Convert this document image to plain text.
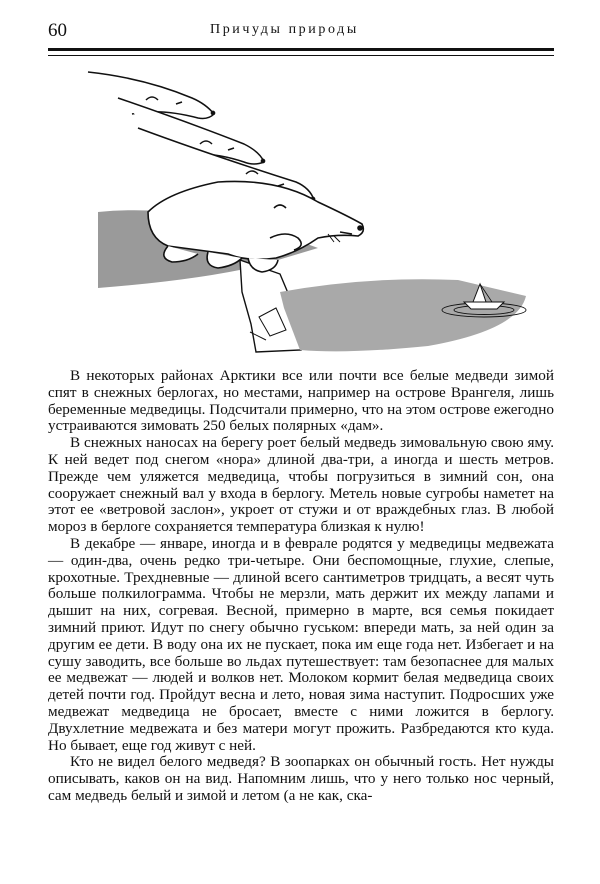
60	Причуды природы

В некоторых районах Арктики все или почти все белые медведи зимой спят в снежных берлогах, но местами, например на острове Врангеля, лишь беременные медведицы. Подсчитали примерно, что на этом острове ежегодно устраиваются зимовать 250 белых полярных «дам».

В снежных наносах на берегу роет белый медведь зимовальную свою яму. К ней ведет под снегом «нора» длиной два-три, а иногда и шесть метров. Прежде чем уляжется медведица, чтобы погрузиться в зимний сон, она сооружает снежный вал у входа в берлогу. Метель новые сугробы наметет на этот ее «ветровой заслон», укроет от стужи и от враждебных глаз. В любой мороз в берлоге сохраняется температура близкая к нулю!

В декабре — январе, иногда и в феврале родятся у медведицы медвежата — один-два, очень редко три-четыре. Они беспомощные, глухие, слепые, крохотные. Трехдневные — длиной всего сантиметров тридцать, а весят чуть больше полкилограмма. Чтобы не мерзли, мать держит их между лапами и дышит на них, согревая. Весной, примерно в марте, вся семья покидает зимний приют. Идут по снегу обычно гуськом: впереди мать, за ней один за другим ее дети. В воду она их не пускает, пока им еще года нет. Избегает и на сушу заводить, все больше во льдах путешествует: там безопаснее для малых ее медвежат — людей и волков нет. Молоком кормит белая медведица своих детей почти год. Пройдут весна и лето, новая зима наступит. Подросших уже медвежат медведица не бросает, вместе с ними ложится в берлогу. Двухлетние медвежата и без матери могут прожить. Разбредаются кто куда. Но бывает, еще год живут с ней.

Кто не видел белого медведя? В зоопарках он обычный гость. Нет нужды описывать, каков он на вид. Напомним лишь, что у него только нос черный, сам медведь белый и зимой и летом (а не как, ска-
